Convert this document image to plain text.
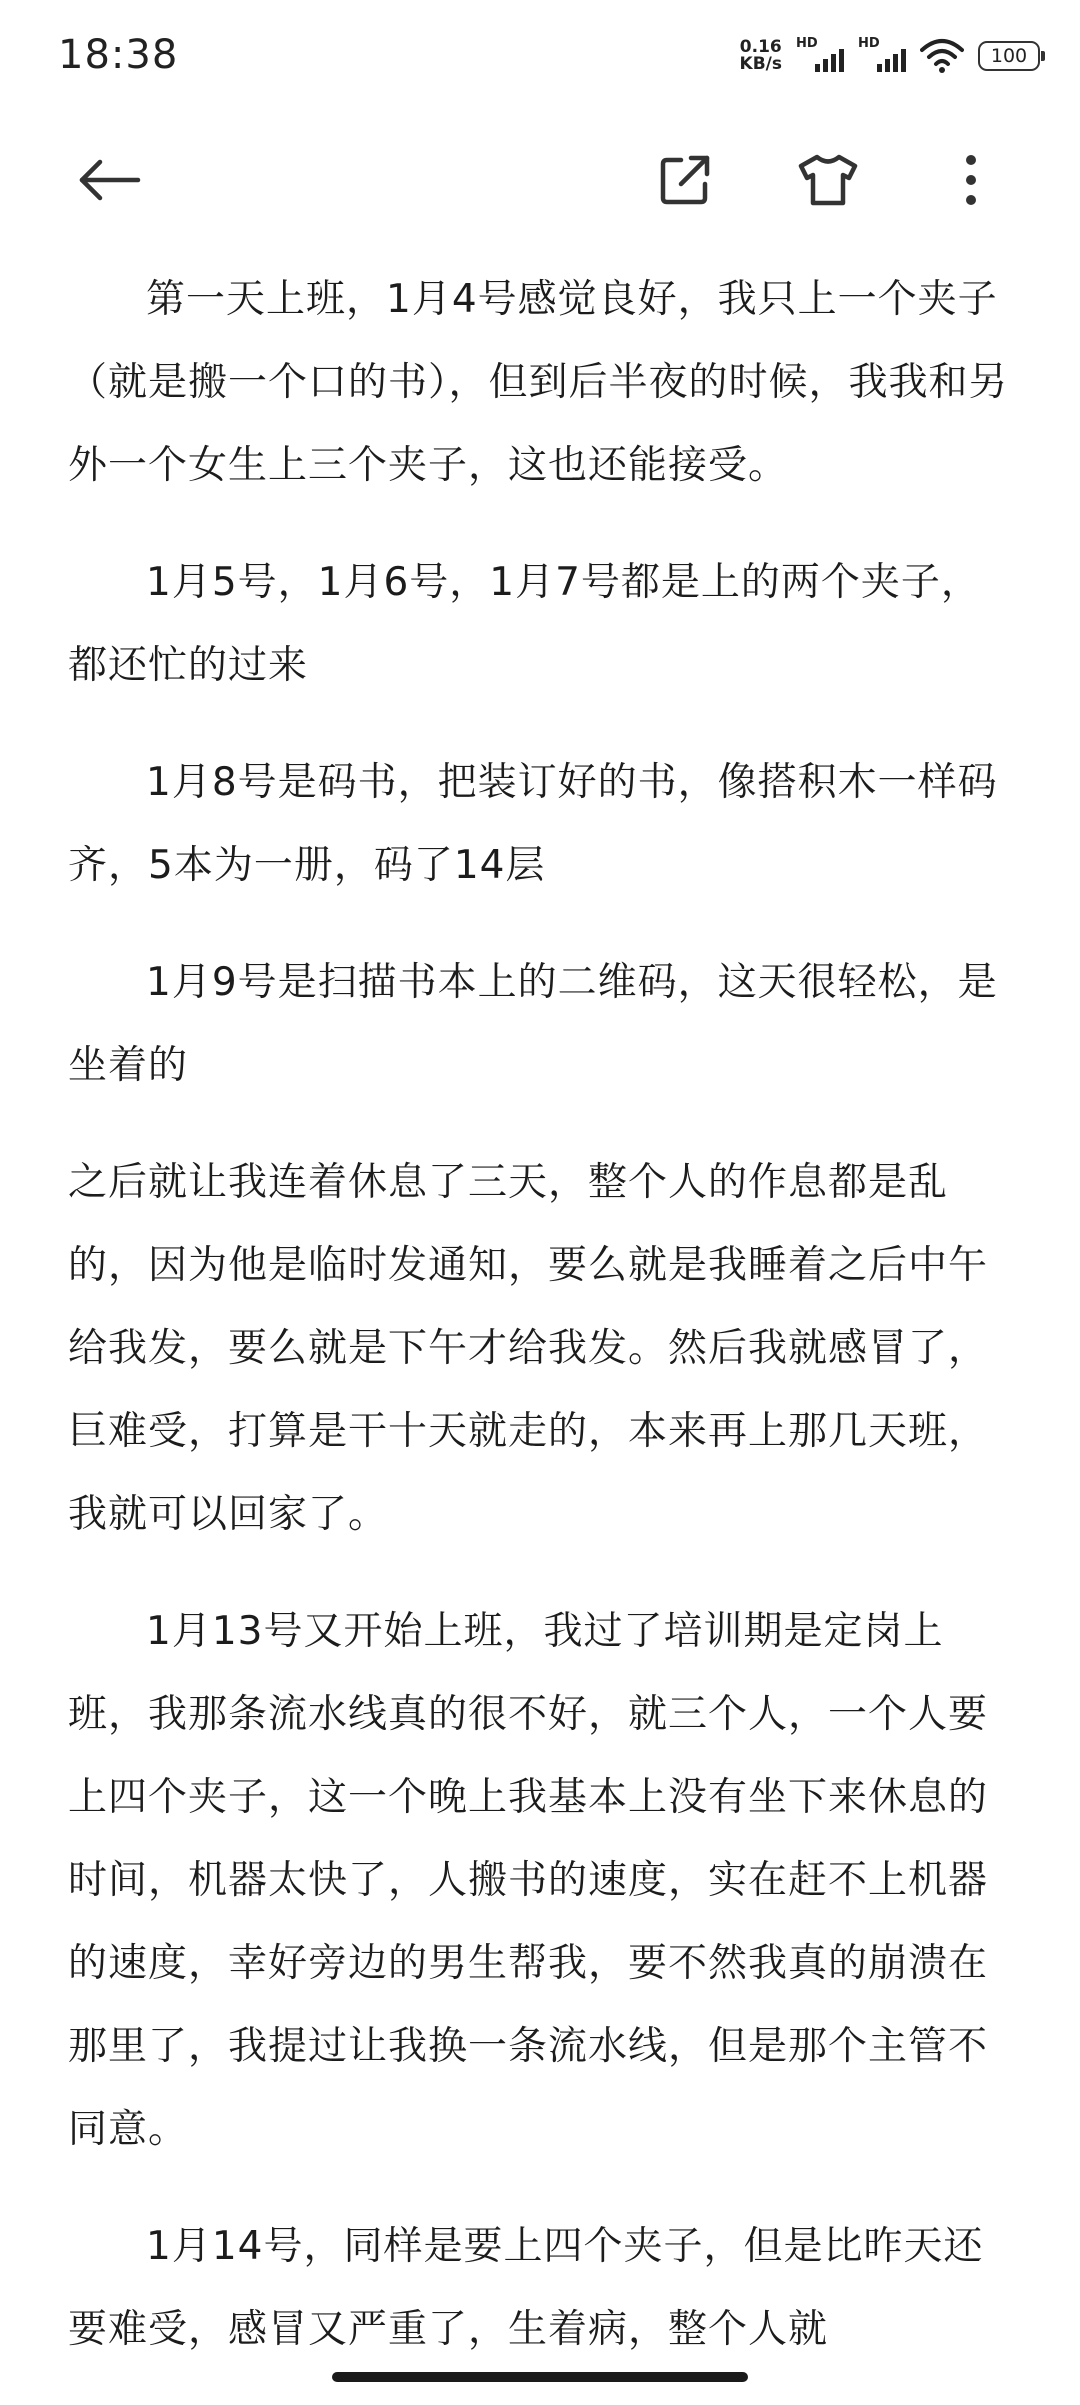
18:38	0.16
KB/s
HD	HD
100

第一天上班，1月4号感觉良好，我只上一个夹子（就是搬一个口的书），但到后半夜的时候，我我和另外一个女生上三个夹子，这也还能接受。

1月5号，1月6号，1月7号都是上的两个夹子，都还忙的过来

1月8号是码书，把装订好的书，像搭积木一样码齐，5本为一册，码了14层

1月9号是扫描书本上的二维码，这天很轻松，是坐着的

之后就让我连着休息了三天，整个人的作息都是乱的，因为他是临时发通知，要么就是我睡着之后中午给我发，要么就是下午才给我发。然后我就感冒了，巨难受，打算是干十天就走的，本来再上那几天班，我就可以回家了。

1月13号又开始上班，我过了培训期是定岗上班，我那条流水线真的很不好，就三个人，一个人要上四个夹子，这一个晚上我基本上没有坐下来休息的时间，机器太快了，人搬书的速度，实在赶不上机器的速度，幸好旁边的男生帮我，要不然我真的崩溃在那里了，我提过让我换一条流水线，但是那个主管不同意。

1月14号，同样是要上四个夹子，但是比昨天还要难受，感冒又严重了，生着病，整个人就
